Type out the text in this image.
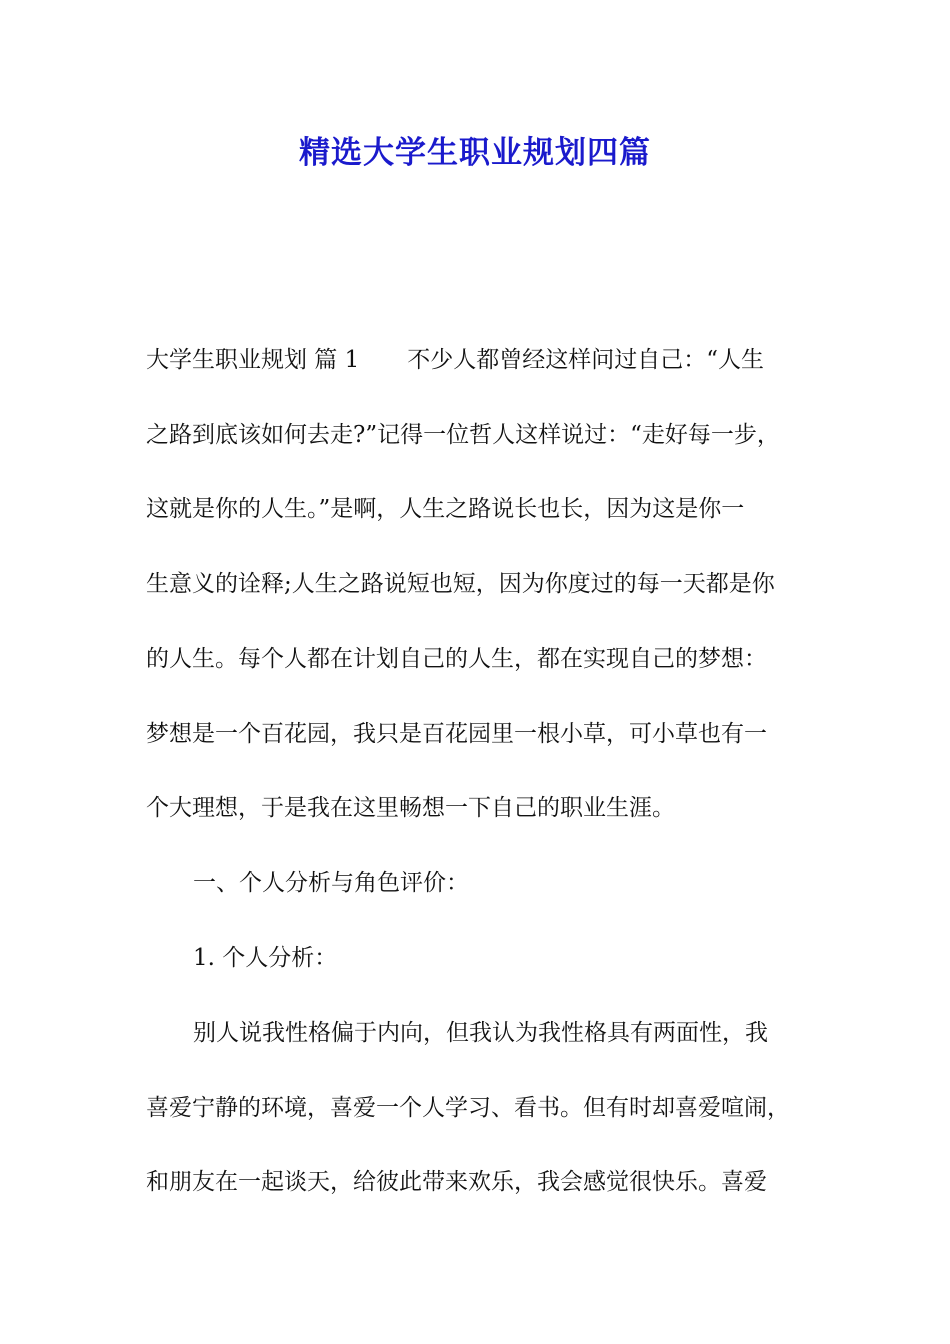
精选大学生职业规划四篇
大学生职业规划 篇 1 不少人都曾经这样问过自己：“人生
之路到底该如何去走?”记得一位哲人这样说过：“走好每一步，
这就是你的人生。”是啊，人生之路说长也长，因为这是你一
生意义的诠释;人生之路说短也短，因为你度过的每一天都是你
的人生。每个人都在计划自己的人生，都在实现自己的梦想：
梦想是一个百花园，我只是百花园里一根小草，可小草也有一
个大理想，于是我在这里畅想一下自己的职业生涯。
一、个人分析与角色评价：
1. 个人分析：
别人说我性格偏于内向，但我认为我性格具有两面性，我
喜爱宁静的环境，喜爱一个人学习、看书。但有时却喜爱喧闹，
和朋友在一起谈天，给彼此带来欢乐，我会感觉很快乐。喜爱
